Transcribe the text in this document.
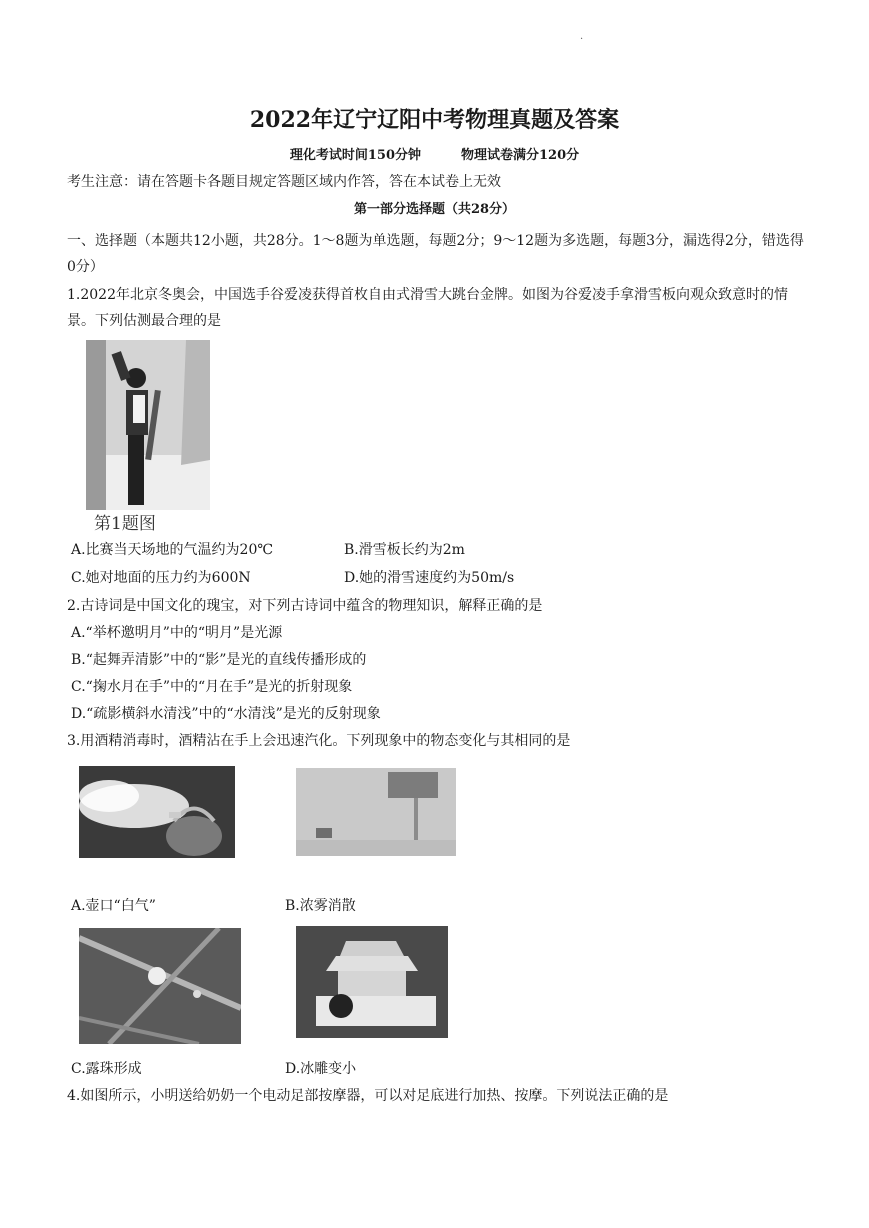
·
2022年辽宁辽阳中考物理真题及答案
理化考试时间150分钟	物理试卷满分120分
考生注意：请在答题卡各题目规定答题区域内作答，答在本试卷上无效
第一部分选择题（共28分）
一、选择题（本题共12小题，共28分。1～8题为单选题，每题2分；9～12题为多选题，每题3分，漏选得2分，错选得0分）
1.2022年北京冬奥会，中国选手谷爱凌获得首枚自由式滑雪大跳台金牌。如图为谷爱凌手拿滑雪板向观众致意时的情景。下列估测最合理的是
第1题图
A.比赛当天场地的气温约为20℃	B.滑雪板长约为2m
C.她对地面的压力约为600N	D.她的滑雪速度约为50m/s
2.古诗词是中国文化的瑰宝，对下列古诗词中蕴含的物理知识，解释正确的是
A.“举杯邀明月”中的“明月”是光源
B.“起舞弄清影”中的“影”是光的直线传播形成的
C.“掬水月在手”中的“月在手”是光的折射现象
D.“疏影横斜水清浅”中的“水清浅”是光的反射现象
3.用酒精消毒时，酒精沾在手上会迅速汽化。下列现象中的物态变化与其相同的是
A.壶口“白气”	B.浓雾消散
C.露珠形成	D.冰雕变小
4.如图所示，小明送给奶奶一个电动足部按摩器，可以对足底进行加热、按摩。下列说法正确的是
